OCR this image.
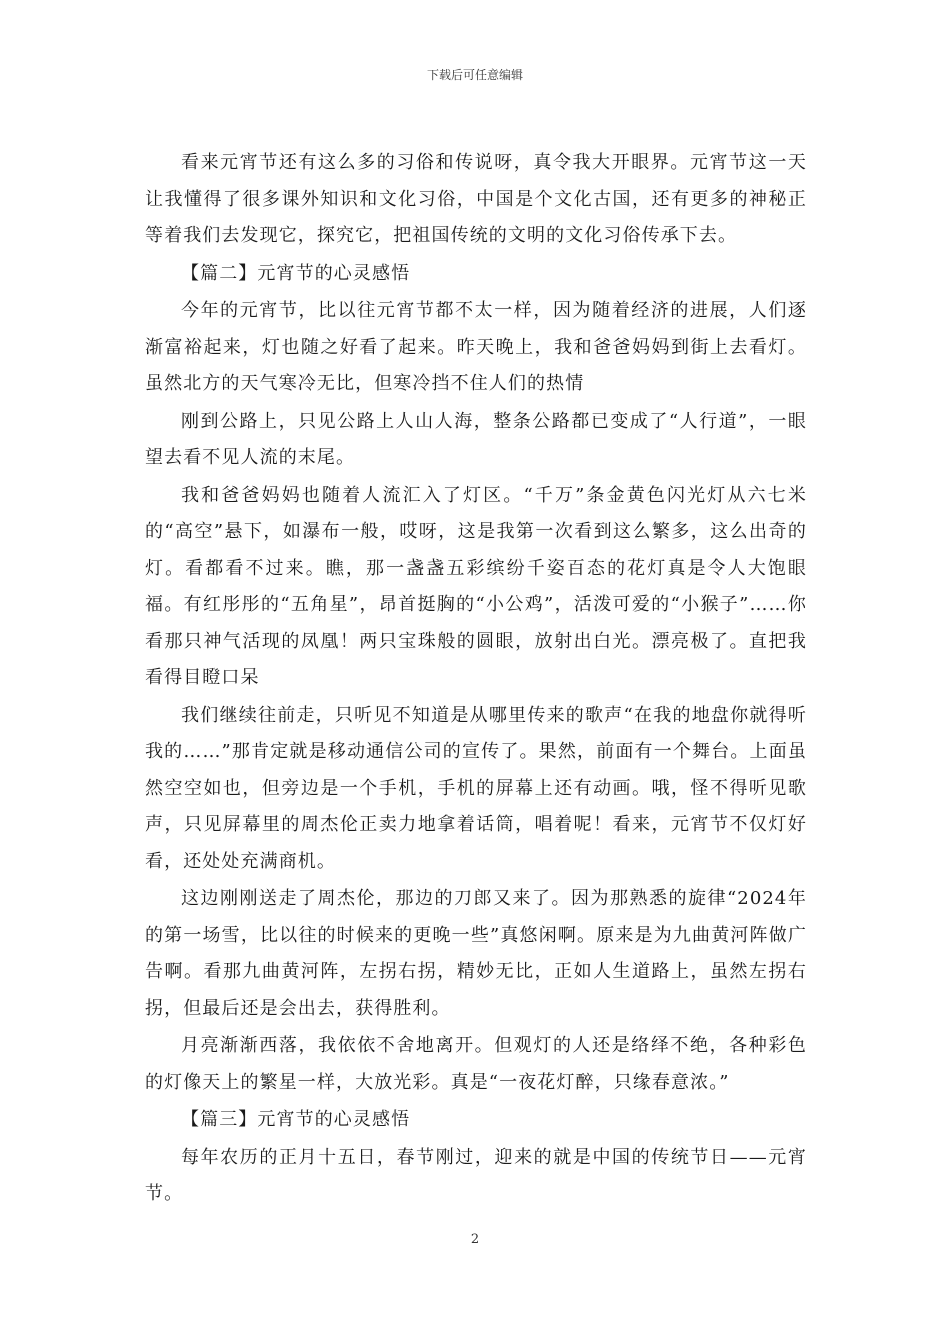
下载后可任意编辑

看来元宵节还有这么多的习俗和传说呀，真令我大开眼界。元宵节这一天让我懂得了很多课外知识和文化习俗，中国是个文化古国，还有更多的神秘正等着我们去发现它，探究它，把祖国传统的文明的文化习俗传承下去。

【篇二】元宵节的心灵感悟

今年的元宵节，比以往元宵节都不太一样，因为随着经济的进展，人们逐渐富裕起来，灯也随之好看了起来。昨天晚上，我和爸爸妈妈到街上去看灯。虽然北方的天气寒冷无比，但寒冷挡不住人们的热情

刚到公路上，只见公路上人山人海，整条公路都已变成了“人行道”，一眼望去看不见人流的末尾。

我和爸爸妈妈也随着人流汇入了灯区。“千万”条金黄色闪光灯从六七米的“高空”悬下，如瀑布一般，哎呀，这是我第一次看到这么繁多，这么出奇的灯。看都看不过来。瞧，那一盏盏五彩缤纷千姿百态的花灯真是令人大饱眼福。有红彤彤的“五角星”，昂首挺胸的“小公鸡”，活泼可爱的“小猴子”……你看那只神气活现的凤凰！两只宝珠般的圆眼，放射出白光。漂亮极了。直把我看得目瞪口呆

我们继续往前走，只听见不知道是从哪里传来的歌声“在我的地盘你就得听我的……”那肯定就是移动通信公司的宣传了。果然，前面有一个舞台。上面虽然空空如也，但旁边是一个手机，手机的屏幕上还有动画。哦，怪不得听见歌声，只见屏幕里的周杰伦正卖力地拿着话筒，唱着呢！看来，元宵节不仅灯好看，还处处充满商机。

这边刚刚送走了周杰伦，那边的刀郎又来了。因为那熟悉的旋律“2024年的第一场雪，比以往的时候来的更晚一些”真悠闲啊。原来是为九曲黄河阵做广告啊。看那九曲黄河阵，左拐右拐，精妙无比，正如人生道路上，虽然左拐右拐，但最后还是会出去，获得胜利。

月亮渐渐西落，我依依不舍地离开。但观灯的人还是络绎不绝，各种彩色的灯像天上的繁星一样，大放光彩。真是“一夜花灯醉，只缘春意浓。”

【篇三】元宵节的心灵感悟

每年农历的正月十五日，春节刚过，迎来的就是中国的传统节日——元宵节。

2
